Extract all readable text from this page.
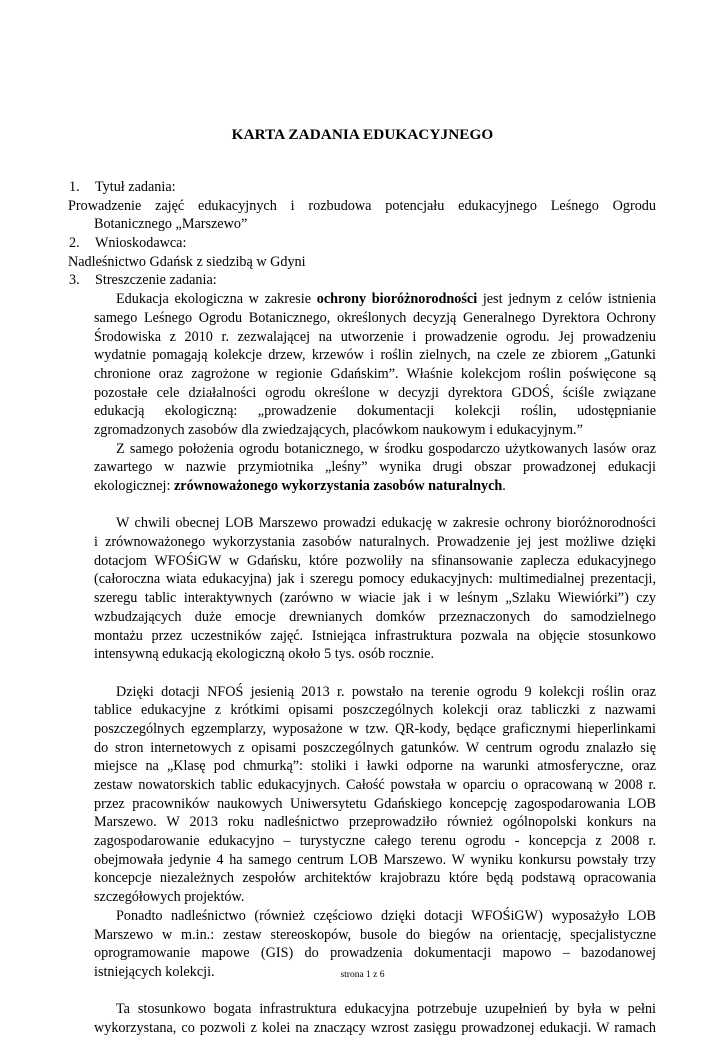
KARTA ZADANIA EDUKACYJNEGO
1. Tytuł zadania:
Prowadzenie zajęć edukacyjnych i rozbudowa potencjału edukacyjnego Leśnego Ogrodu
Botanicznego „Marszewo”
2. Wnioskodawca:
Nadleśnictwo Gdańsk z siedzibą w Gdyni
3. Streszczenie zadania:
Edukacja ekologiczna w zakresie ochrony bioróżnorodności jest jednym z celów istnienia
samego Leśnego Ogrodu Botanicznego, określonych decyzją Generalnego Dyrektora Ochrony
Środowiska z 2010 r. zezwalającej na utworzenie i prowadzenie ogrodu. Jej prowadzeniu
wydatnie pomagają kolekcje drzew, krzewów i roślin zielnych, na czele ze zbiorem „Gatunki
chronione oraz zagrożone w regionie Gdańskim”. Właśnie kolekcjom roślin poświęcone są
pozostałe cele działalności ogrodu określone w decyzji dyrektora GDOŚ, ściśle związane
edukacją ekologiczną: „prowadzenie dokumentacji kolekcji roślin, udostępnianie
zgromadzonych zasobów dla zwiedzających, placówkom naukowym i edukacyjnym.”
Z samego położenia ogrodu botanicznego, w środku gospodarczo użytkowanych lasów oraz
zawartego w nazwie przymiotnika „leśny” wynika drugi obszar prowadzonej edukacji
ekologicznej: zrównoważonego wykorzystania zasobów naturalnych.
W chwili obecnej LOB Marszewo prowadzi edukację w zakresie ochrony bioróżnorodności
i zrównoważonego wykorzystania zasobów naturalnych. Prowadzenie jej jest możliwe dzięki
dotacjom WFOŚiGW w Gdańsku, które pozwoliły na sfinansowanie zaplecza edukacyjnego
(całoroczna wiata edukacyjna) jak i szeregu pomocy edukacyjnych: multimedialnej prezentacji,
szeregu tablic interaktywnych (zarówno w wiacie jak i w leśnym „Szlaku Wiewiórki”) czy
wzbudzających duże emocje drewnianych domków przeznaczonych do samodzielnego
montażu przez uczestników zajęć. Istniejąca infrastruktura pozwala na objęcie stosunkowo
intensywną edukacją ekologiczną około 5 tys. osób rocznie.
Dzięki dotacji NFOŚ jesienią 2013 r. powstało na terenie ogrodu 9 kolekcji roślin oraz
tablice edukacyjne z krótkimi opisami poszczególnych kolekcji oraz tabliczki z nazwami
poszczególnych egzemplarzy, wyposażone w tzw. QR-kody, będące graficznymi hieperlinkami
do stron internetowych z opisami poszczególnych gatunków. W centrum ogrodu znalazło się
miejsce na „Klasę pod chmurką”: stoliki i ławki odporne na warunki atmosferyczne, oraz
zestaw nowatorskich tablic edukacyjnych. Całość powstała w oparciu o opracowaną w 2008 r.
przez pracowników naukowych Uniwersytetu Gdańskiego koncepcję zagospodarowania LOB
Marszewo. W 2013 roku nadleśnictwo przeprowadziło również ogólnopolski konkurs na
zagospodarowanie edukacyjno – turystyczne całego terenu ogrodu - koncepcja z 2008 r.
obejmowała jedynie 4 ha samego centrum LOB Marszewo. W wyniku konkursu powstały trzy
koncepcje niezależnych zespołów architektów krajobrazu które będą podstawą opracowania
szczegółowych projektów.
Ponadto nadleśnictwo (również częściowo dzięki dotacji WFOŚiGW) wyposażyło LOB
Marszewo w m.in.: zestaw stereoskopów, busole do biegów na orientację, specjalistyczne
oprogramowanie mapowe (GIS) do prowadzenia dokumentacji mapowo – bazodanowej
istniejących kolekcji.
Ta stosunkowo bogata infrastruktura edukacyjna potrzebuje uzupełnień by była w pełni
wykorzystana, co pozwoli z kolei na znaczący wzrost zasięgu prowadzonej edukacji. W ramach
strona 1 z 6
